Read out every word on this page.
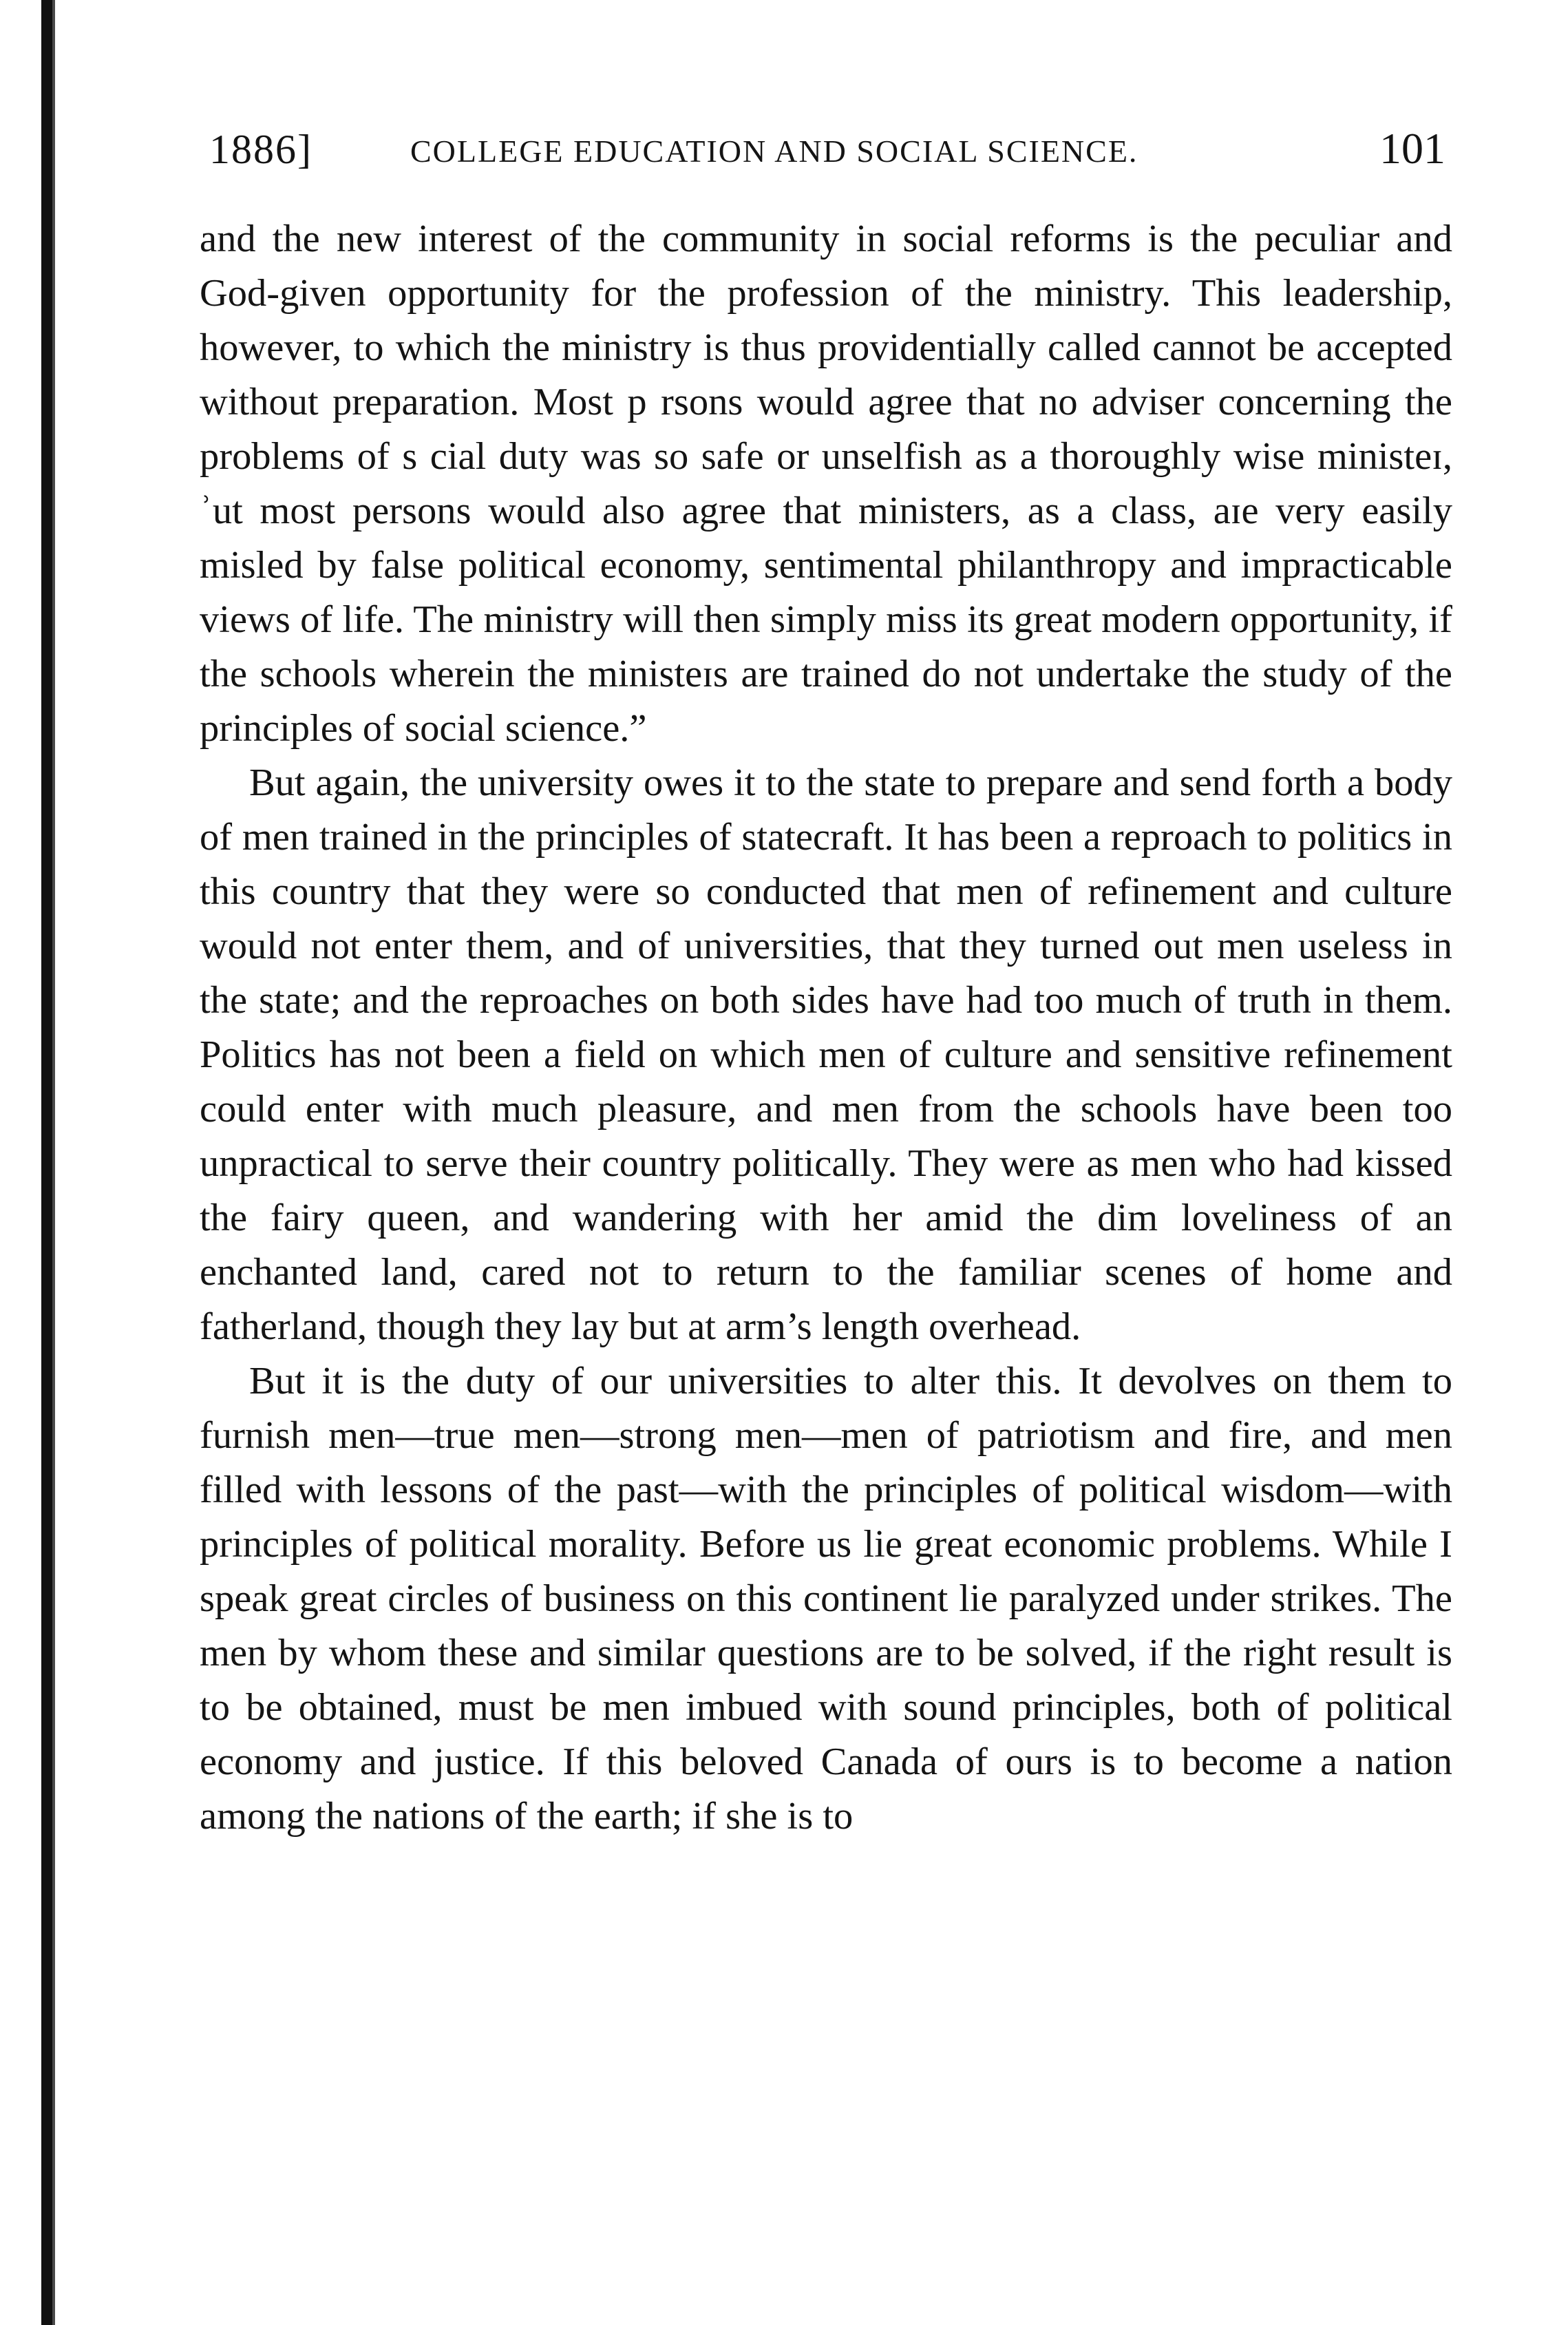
1886]	COLLEGE EDUCATION AND SOCIAL SCIENCE.	101

and the new interest of the community in social reforms is the peculiar and God-given opportunity for the profession of the ministry. This leadership, however, to which the ministry is thus providentially called cannot be accepted without preparation. Most p rsons would agree that no adviser concerning the problems of s cial duty was so safe or unselfish as a thoroughly wise ministeɪ, ʾut most persons would also agree that ministers, as a class, aɪe very easily misled by false political economy, sentimental philanthropy and impracticable views of life. The ministry will then simply miss its great modern opportunity, if the schools wherein the ministeɪs are trained do not undertake the study of the principles of social science.”

But again, the university owes it to the state to prepare and send forth a body of men trained in the principles of statecraft. It has been a reproach to politics in this country that they were so conducted that men of refinement and culture would not enter them, and of universities, that they turned out men useless in the state; and the reproaches on both sides have had too much of truth in them. Politics has not been a field on which men of culture and sensitive refinement could enter with much pleasure, and men from the schools have been too unpractical to serve their country politically. They were as men who had kissed the fairy queen, and wandering with her amid the dim loveliness of an enchanted land, cared not to return to the familiar scenes of home and fatherland, though they lay but at arm’s length overhead.

But it is the duty of our universities to alter this. It devolves on them to furnish men—true men—strong men—men of patriotism and fire, and men filled with lessons of the past—with the principles of political wisdom—with principles of political morality. Before us lie great economic problems. While I speak great circles of business on this continent lie paralyzed under strikes. The men by whom these and similar questions are to be solved, if the right result is to be obtained, must be men imbued with sound principles, both of political economy and justice. If this beloved Canada of ours is to become a nation among the nations of the earth; if she is to
